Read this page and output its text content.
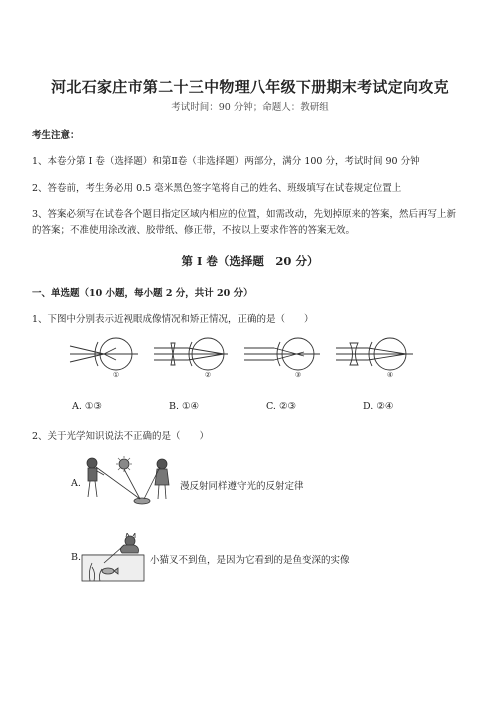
河北石家庄市第二十三中物理八年级下册期末考试定向攻克
考试时间：90 分钟；命题人：教研组
考生注意：
1、本卷分第 I 卷（选择题）和第Ⅱ卷（非选择题）两部分，满分 100 分，考试时间 90 分钟
2、答卷前，考生务必用 0.5 毫米黑色签字笔将自己的姓名、班级填写在试卷规定位置上
3、答案必须写在试卷各个题目指定区域内相应的位置，如需改动，先划掉原来的答案，然后再写上新
的答案；不准使用涂改液、胶带纸、修正带，不按以上要求作答的答案无效。
第 I 卷（选择题　20 分）
一、单选题（10 小题，每小题 2 分，共计 20 分）
1、下图中分别表示近视眼成像情况和矫正情况，正确的是（　　）
①	②	③	④
A. ①③	B. ①④	C. ②③	D. ②④
2、关于光学知识说法不正确的是（　　）
A.	漫反射同样遵守光的反射定律
B.	小猫叉不到鱼，是因为它看到的是鱼变深的实像
